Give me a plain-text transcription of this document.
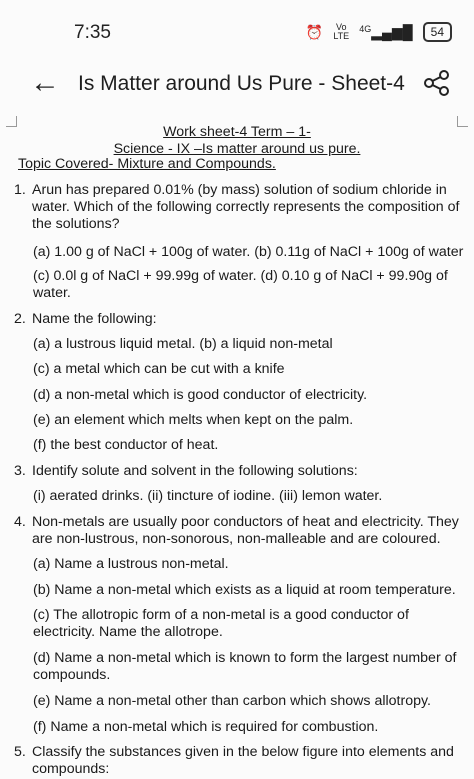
7:35	⏰	Vo LTE
$^{4G}$▂▄▆█	54
← Is Matter around Us Pure - Sheet-4
Work sheet-4 Term – 1-
Science - IX –Is matter around us pure.
Topic Covered- Mixture and Compounds.
1. Arun has prepared 0.01% (by mass) solution of sodium chloride in water. Which of the following correctly represents the composition of the solutions?
(a) 1.00 g of NaCl + 100g of water. (b) 0.11g of NaCl + 100g of water
(c) 0.0l g of NaCl + 99.99g of water. (d) 0.10 g of NaCl + 99.90g of water.
2. Name the following:
(a) a lustrous liquid metal. (b) a liquid non-metal
(c) a metal which can be cut with a knife
(d) a non-metal which is good conductor of electricity.
(e) an element which melts when kept on the palm.
(f) the best conductor of heat.
3. Identify solute and solvent in the following solutions:
(i) aerated drinks. (ii) tincture of iodine. (iii) lemon water.
4. Non-metals are usually poor conductors of heat and electricity. They are non-lustrous, non-sonorous, non-malleable and are coloured.
(a) Name a lustrous non-metal.
(b) Name a non-metal which exists as a liquid at room temperature.
(c) The allotropic form of a non-metal is a good conductor of electricity. Name the allotrope.
(d) Name a non-metal which is known to form the largest number of compounds.
(e) Name a non-metal other than carbon which shows allotropy.
(f) Name a non-metal which is required for combustion.
5. Classify the substances given in the below figure into elements and compounds:
